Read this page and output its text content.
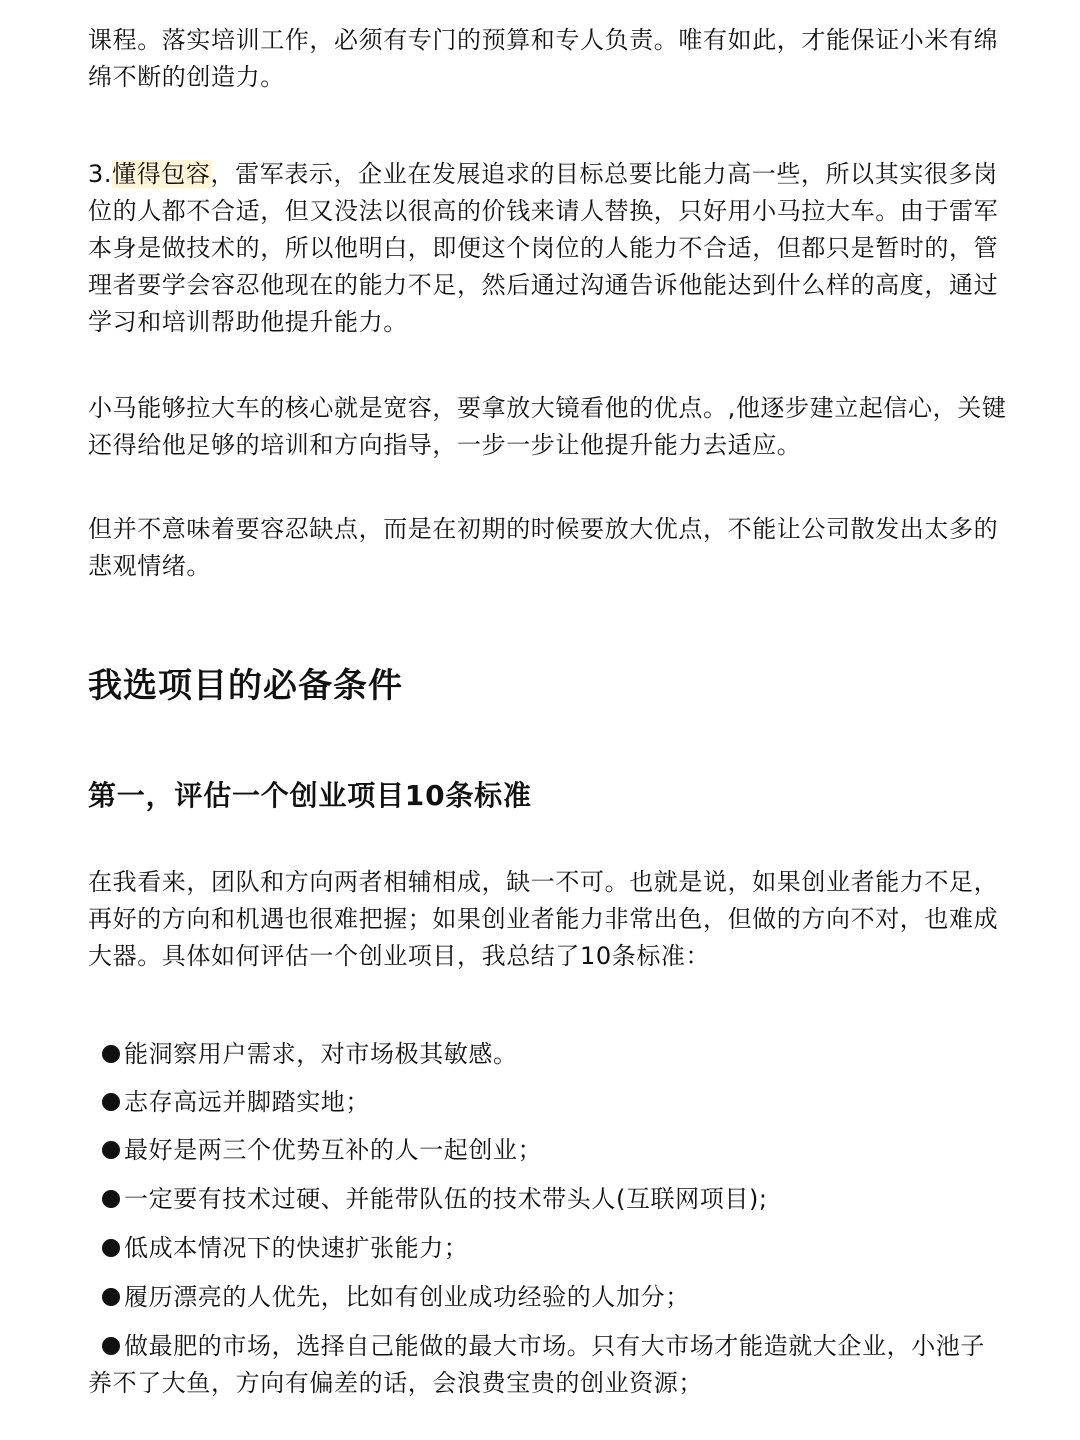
课程。落实培训工作，必须有专门的预算和专人负责。唯有如此，才能保证小米有绵绵不断的创造力。

3.懂得包容，雷军表示，企业在发展追求的目标总要比能力高一些，所以其实很多岗位的人都不合适，但又没法以很高的价钱来请人替换，只好用小马拉大车。由于雷军本身是做技术的，所以他明白，即便这个岗位的人能力不合适，但都只是暂时的，管理者要学会容忍他现在的能力不足，然后通过沟通告诉他能达到什么样的高度，通过学习和培训帮助他提升能力。

小马能够拉大车的核心就是宽容，要拿放大镜看他的优点。,他逐步建立起信心，关键还得给他足够的培训和方向指导，一步一步让他提升能力去适应。

但并不意味着要容忍缺点，而是在初期的时候要放大优点，不能让公司散发出太多的悲观情绪。

我选项目的必备条件
第一，评估一个创业项目10条标准

在我看来，团队和方向两者相辅相成，缺一不可。也就是说，如果创业者能力不足，再好的方向和机遇也很难把握；如果创业者能力非常出色，但做的方向不对，也难成大器。具体如何评估一个创业项目，我总结了10条标准：

能洞察用户需求，对市场极其敏感。
志存高远并脚踏实地；
最好是两三个优势互补的人一起创业；
一定要有技术过硬、并能带队伍的技术带头人(互联网项目);
低成本情况下的快速扩张能力；
履历漂亮的人优先，比如有创业成功经验的人加分；
做最肥的市场，选择自己能做的最大市场。只有大市场才能造就大企业，小池子养不了大鱼，方向有偏差的话，会浪费宝贵的创业资源；
